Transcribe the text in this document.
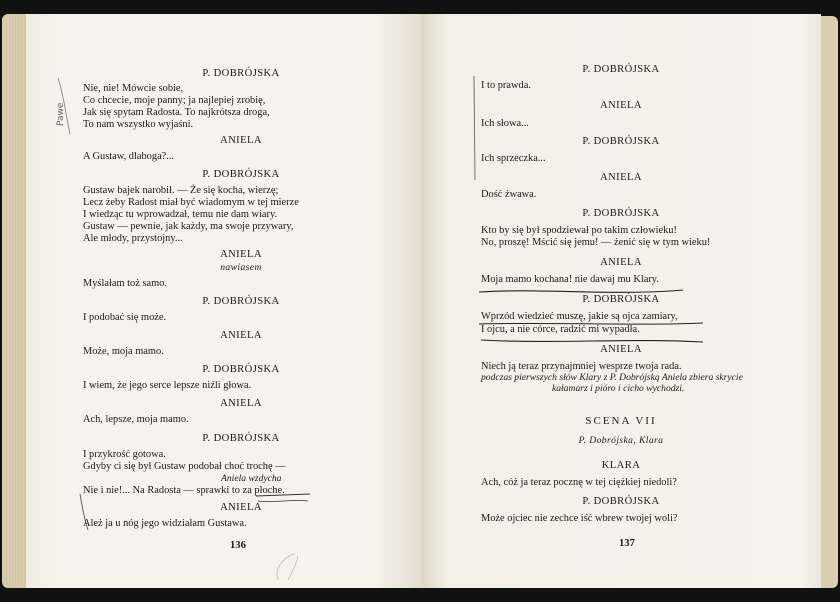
Pawe
P. DOBRÓJSKA
Nie, nie! Mówcie sobie,
Co chcecie, moje panny; ja najlepiej zrobię,
Jak się spytam Radosta. To najkrótsza droga,
To nam wszystko wyjaśni.
ANIELA
A Gustaw, dlaboga?...
P. DOBRÓJSKA
Gustaw bajek narobił. — Że się kocha, wierzę;
Lecz żeby Radost miał być wiadomym w tej mierze
I wiedząc tu wprowadzał, temu nie dam wiary.
Gustaw — pewnie, jak każdy, ma swoje przywary,
Ale młody, przystojny...
ANIELA
nawiasem
Myślałam toż samo.
P. DOBRÓJSKA
I podobać się może.
ANIELA
Może, moja mamo.
P. DOBRÓJSKA
I wiem, że jego serce lepsze niźli głowa.
ANIELA
Ach, lepsze, moja mamo.
P. DOBRÓJSKA
I przykrość gotowa.
Gdyby ci się był Gustaw podobał choć trochę —
Aniela wzdycha
Nie i nie!... Na Radosta — sprawki to za płoche.
ANIELA
Ależ ja u nóg jego widziałam Gustawa.
136
P. DOBRÓJSKA
I to prawda.
ANIELA
Ich słowa...
P. DOBRÓJSKA
Ich sprzeczka...
ANIELA
Dość żwawa.
P. DOBRÓJSKA
Kto by się był spodziewał po takim człowieku!
No, proszę! Mścić się jemu! — żenić się w tym wieku!
ANIELA
Moja mamo kochana! nie dawaj mu Klary.
P. DOBRÓJSKA
Wprzód wiedzieć muszę, jakie są ojca zamiary,
I ojcu, a nie córce, radzić mi wypadła.
ANIELA
Niech ją teraz przynajmniej wesprze twoja rada.
podczas pierwszych słów Klary z P. Dobrójską Aniela zbiera skrycie
kałamarz i pióro i cicho wychodzi.
SCENA VII
P. Dobrójska, Klara
KLARA
Ach, cóż ja teraz pocznę w tej ciężkiej niedoli?
P. DOBRÓJSKA
Może ojciec nie zechce iść wbrew twojej woli?
137
